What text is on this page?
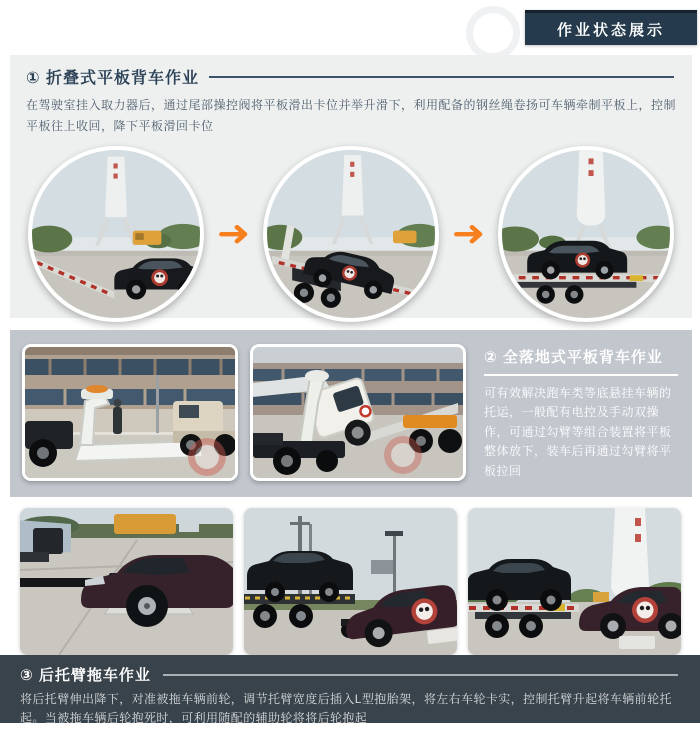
作业状态展示
① 折叠式平板背车作业
在驾驶室挂入取力器后，通过尾部操控阀将平板滑出卡位并举升滑下，利用配备的钢丝绳卷扬可车辆牵制平板上，控制平板往上收回，降下平板滑回卡位
➜	➜
② 全落地式平板背车作业
可有效解决跑车类等底悬挂车辆的托运，一般配有电控及手动双操作，可通过勾臂等组合装置将平板整体放下，装车后再通过勾臂将平板拉回
③ 后托臂拖车作业
将后托臂伸出降下，对准被拖车辆前轮，调节托臂宽度后插入L型抱胎架，将左右车轮卡实，控制托臂升起将车辆前轮托起。当被拖车辆后轮抱死时，可利用随配的辅助轮将将后轮抱起
